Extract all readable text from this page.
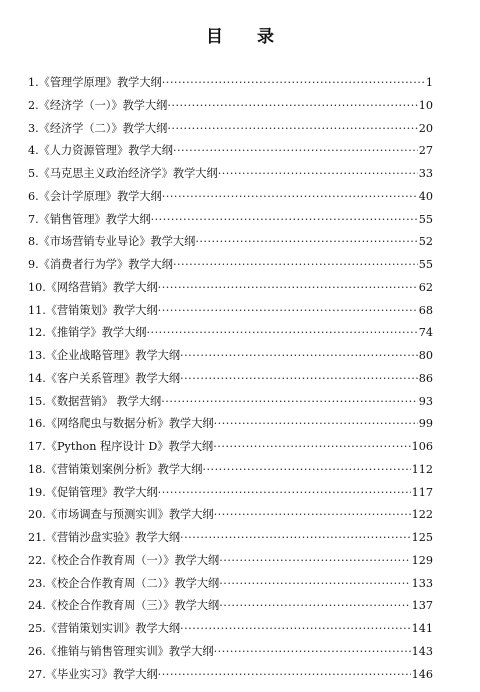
目 录
1.《管理学原理》教学大纲 ·····	1
2.《经济学（一）》教学大纲 ·····	10
3.《经济学（二）》教学大纲 ·····	20
4.《人力资源管理》教学大纲 ·····	27
5.《马克思主义政治经济学》教学大纲 ·····	33
6.《会计学原理》教学大纲 ·····	40
7.《销售管理》教学大纲 ·····	55
8.《市场营销专业导论》教学大纲 ·····	52
9.《消费者行为学》教学大纲 ·····	55
10.《网络营销》教学大纲 ·····	62
11.《营销策划》教学大纲 ·····	68
12.《推销学》教学大纲 ·····	74
13.《企业战略管理》教学大纲 ·····	80
14.《客户关系管理》教学大纲 ·····	86
15.《数据营销》 教学大纲 ·····	93
16.《网络爬虫与数据分析》教学大纲 ·····	99
17.《Python 程序设计 D》教学大纲 ·····	106
18.《营销策划案例分析》教学大纲 ·····	112
19.《促销管理》教学大纲 ·····	117
20.《市场调查与预测实训》教学大纲 ·····	122
21.《营销沙盘实验》教学大纲 ·····	125
22.《校企合作教育周（一）》教学大纲 ·····	129
23.《校企合作教育周（二）》教学大纲 ·····	133
24.《校企合作教育周（三）》教学大纲 ·····	137
25.《营销策划实训》教学大纲 ·····	141
26.《推销与销售管理实训》教学大纲 ·····	143
27.《毕业实习》教学大纲 ·····	146
